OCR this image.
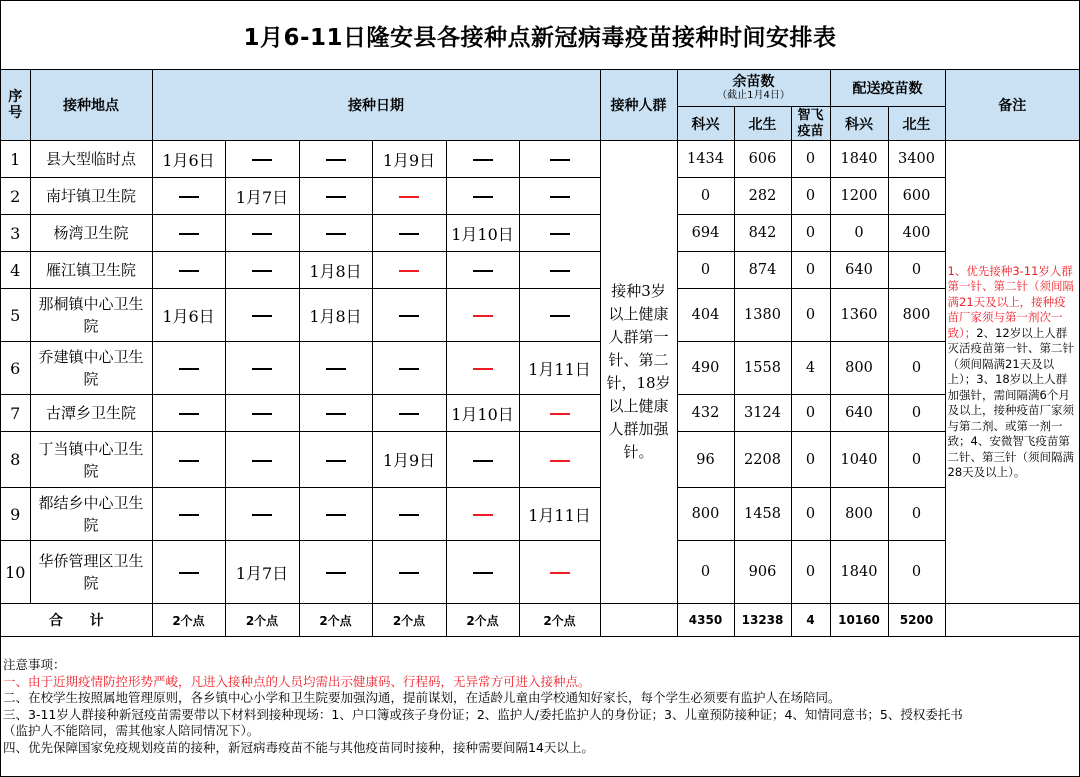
1月6-11日隆安县各接种点新冠病毒疫苗接种时间安排表
序号	接种地点	接种日期						接种人群	余苗数
（截止1月4日）			配送疫苗数		备注
									科兴	北生	智飞疫苗	科兴	北生	
1	县大型临时点	1月6日			1月9日			接种3岁以上健康人群第一针、第二针，18岁以上健康人群加强针。	1434	606	0	1840	3400	1、优先接种3-11岁人群第一针、第二针（须间隔满21天及以上，接种疫苗厂家须与第一剂次一致）；2、12岁以上人群灭活疫苗第一针、第二针（须间隔满21天及以上）；3、18岁以上人群加强针，需间隔满6个月及以上，接种疫苗厂家须与第二剂、或第一剂一致；4、安微智飞疫苗第二针、第三针（须间隔满28天及以上）。
2	南圩镇卫生院		1月7日						0	282	0	1200	600	
3	杨湾卫生院					1月10日			694	842	0	0	400	
4	雁江镇卫生院			1月8日					0	874	0	640	0	
5	那桐镇中心卫生院	1月6日		1月8日					404	1380	0	1360	800	
6	乔建镇中心卫生院						1月11日		490	1558	4	800	0	
7	古潭乡卫生院					1月10日			432	3124	0	640	0	
8	丁当镇中心卫生院				1月9日				96	2208	0	1040	0	
9	都结乡中心卫生院						1月11日		800	1458	0	800	0	
10	华侨管理区卫生院		1月7日						0	906	0	1840	0	
合 计		2个点	2个点	2个点	2个点	2个点	2个点		4350	13238	4	10160	5200	
注意事项：
一、由于近期疫情防控形势严峻，凡进入接种点的人员均需出示健康码、行程码，无异常方可进入接种点。
二、在校学生按照属地管理原则，各乡镇中心小学和卫生院要加强沟通，提前谋划，在适龄儿童由学校通知好家长，每个学生必须要有监护人在场陪同。
三、3-11岁人群接种新冠疫苗需要带以下材料到接种现场：1、户口簿或孩子身份证；2、监护人/委托监护人的身份证；3、儿童预防接种证；4、知情同意书；5、授权委托书
（监护人不能陪同，需其他家人陪同情况下）。
四、优先保障国家免疫规划疫苗的接种，新冠病毒疫苗不能与其他疫苗同时接种，接种需要间隔14天以上。
